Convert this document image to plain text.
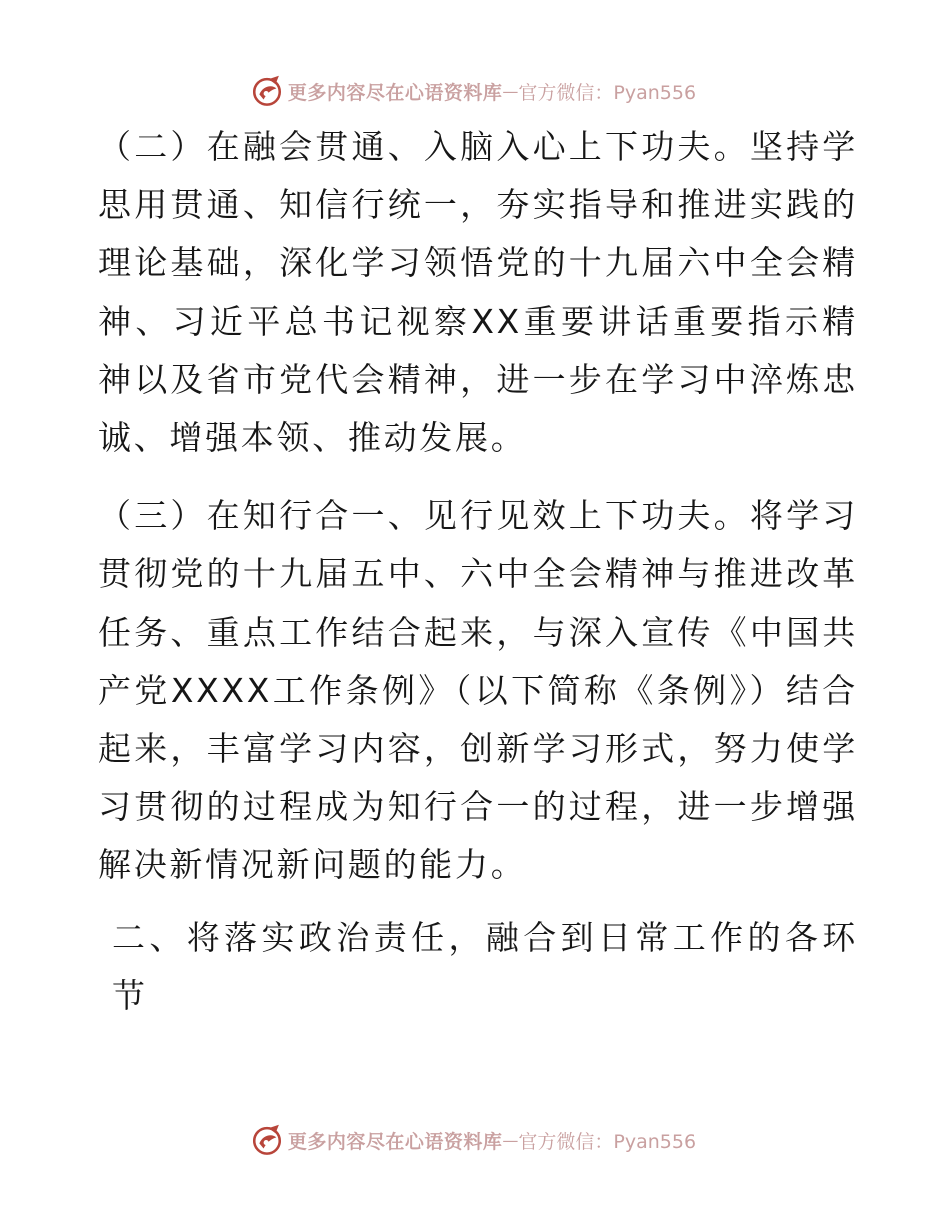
更多内容尽在心语资料库 — 官方微信：Pyan556

（二）在融会贯通、入脑入心上下功夫。坚持学思用贯通、知信行统一，夯实指导和推进实践的理论基础，深化学习领悟党的十九届六中全会精神、习近平总书记视察XX重要讲话重要指示精神以及省市党代会精神，进一步在学习中淬炼忠诚、增强本领、推动发展。

（三）在知行合一、见行见效上下功夫。将学习贯彻党的十九届五中、六中全会精神与推进改革任务、重点工作结合起来，与深入宣传《中国共产党XXXX工作条例》（以下简称《条例》）结合起来，丰富学习内容，创新学习形式，努力使学习贯彻的过程成为知行合一的过程，进一步增强解决新情况新问题的能力。

二、将落实政治责任，融合到日常工作的各环节

更多内容尽在心语资料库 — 官方微信：Pyan556
